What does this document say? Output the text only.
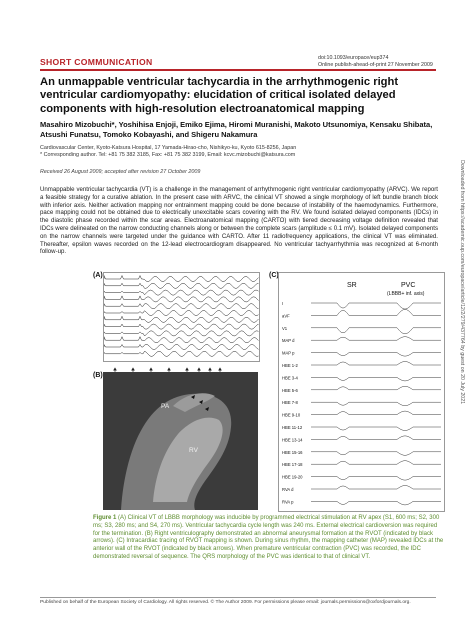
SHORT COMMUNICATION	doi:10.1093/europace/eup374
Online publish-ahead-of-print 27 November 2009
An unmappable ventricular tachycardia in the arrhythmogenic right ventricular cardiomyopathy: elucidation of critical isolated delayed components with high-resolution electroanatomical mapping
Masahiro Mizobuchi*, Yoshihisa Enjoji, Emiko Ejima, Hiromi Muranishi, Makoto Utsunomiya, Kensaku Shibata, Atsushi Funatsu, Tomoko Kobayashi, and Shigeru Nakamura
Cardiovascular Center, Kyoto-Katsura Hospital, 17 Yamada-Hirao-cho, Nishikyo-ku, Kyoto 615-8256, Japan
* Corresponding author. Tel: +81 75 382 3185, Fax: +81 75 382 3199, Email: kcvc.mizobuchi@katsura.com
Received 26 August 2009; accepted after revision 27 October 2009
Unmappable ventricular tachycardia (VT) is a challenge in the management of arrhythmogenic right ventricular cardiomyopathy (ARVC). We report a feasible strategy for a curative ablation. In the present case with ARVC, the clinical VT showed a single morphology of left bundle branch block with inferior axis. Neither activation mapping nor entrainment mapping could be done because of instability of the haemodynamics. Furthermore, pace mapping could not be obtained due to electrically unexcitable scars covering with the RV. We found isolated delayed components (IDCs) in the diastolic phase recorded within the scar areas. Electroanatomical mapping (CARTO) with tiered decreasing voltage definition revealed that IDCs were delineated on the narrow conducting channels along or between the complete scars (amplitude ≤ 0.1 mV). Isolated delayed components on the narrow channels were targeted under the guidance with CARTO. After 11 radiofrequency applications, the clinical VT was eliminated. Thereafter, epsilon waves recorded on the 12-lead electrocardiogram disappeared. No ventricular tachyarrhythmia was recognized at 6-month follow-up.	Downloaded from https://academic.oup.com/europace/article/12/2/279/437764 by guest on 20 July 2021
(A)
(B)
PA
RV
(C)
SR	PVC
(LBBB+ inf. axis)
I
aVF
V1
MAP d
MAP p
HBE 1-2
HBE 3-4
HBE 5-6
HBE 7-8
HBE 9-10
HBE 11-12
HBE 13-14
HBE 15-16
HBE 17-18
HBE 19-20
RVA d
RVA p
Figure 1 (A) Clinical VT of LBBB morphology was inducible by programmed electrical stimulation at RV apex (S1, 600 ms; S2, 300 ms; S3, 280 ms; and S4, 270 ms). Ventricular tachycardia cycle length was 240 ms. External electrical cardioversion was required for the termination. (B) Right ventriculography demonstrated an abnormal aneurysmal formation at the RVOT (indicated by black arrows). (C) Intracardiac tracing of RVOT mapping is shown. During sinus rhythm, the mapping catheter (MAP) revealed IDCs at the anterior wall of the RVOT (indicated by black arrows). When premature ventricular contraction (PVC) was recorded, the IDC demonstrated reversal of sequence. The QRS morphology of the PVC was identical to that of clinical VT.
Published on behalf of the European Society of Cardiology. All rights reserved. © The Author 2009. For permissions please email: journals.permissions@oxfordjournals.org.
